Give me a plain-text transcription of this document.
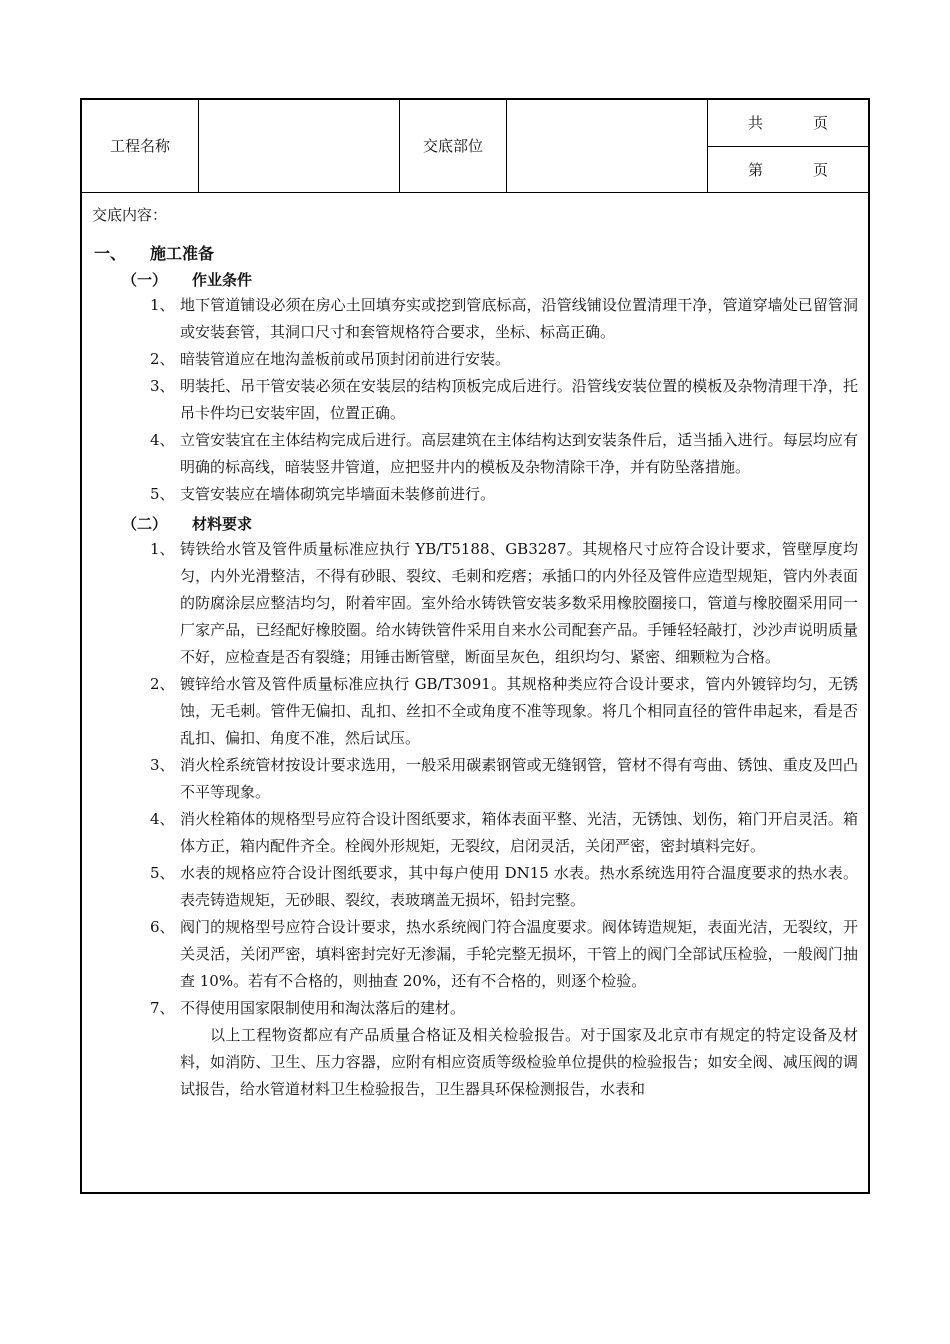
工程名称		交底部位		
共	页

第	页
交底内容：
一、	施工准备
（一）	作业条件
1、 地下管道铺设必须在房心土回填夯实或挖到管底标高，沿管线铺设位置清理干净，管道穿墙处已留管洞或安装套管，其洞口尺寸和套管规格符合要求，坐标、标高正确。
2、 暗装管道应在地沟盖板前或吊顶封闭前进行安装。
3、 明装托、吊干管安装必须在安装层的结构顶板完成后进行。沿管线安装位置的模板及杂物清理干净，托吊卡件均已安装牢固，位置正确。
4、 立管安装宜在主体结构完成后进行。高层建筑在主体结构达到安装条件后，适当插入进行。每层均应有明确的标高线，暗装竖井管道，应把竖井内的模板及杂物清除干净，并有防坠落措施。
5、 支管安装应在墙体砌筑完毕墙面未装修前进行。
（二）	材料要求
1、 铸铁给水管及管件质量标准应执行 YB/T5188、GB3287。其规格尺寸应符合设计要求，管壁厚度均匀，内外光滑整洁，不得有砂眼、裂纹、毛刺和疙瘩；承插口的内外径及管件应造型规矩，管内外表面的防腐涂层应整洁均匀，附着牢固。室外给水铸铁管安装多数采用橡胶圈接口，管道与橡胶圈采用同一厂家产品，已经配好橡胶圈。给水铸铁管件采用自来水公司配套产品。手锤轻轻敲打，沙沙声说明质量不好，应检查是否有裂缝；用锤击断管壁，断面呈灰色，组织均匀、紧密、细颗粒为合格。
2、 镀锌给水管及管件质量标准应执行 GB/T3091。其规格种类应符合设计要求，管内外镀锌均匀，无锈蚀，无毛刺。管件无偏扣、乱扣、丝扣不全或角度不准等现象。将几个相同直径的管件串起来，看是否乱扣、偏扣、角度不准，然后试压。
3、 消火栓系统管材按设计要求选用，一般采用碳素钢管或无缝钢管，管材不得有弯曲、锈蚀、重皮及凹凸不平等现象。
4、 消火栓箱体的规格型号应符合设计图纸要求，箱体表面平整、光洁，无锈蚀、划伤，箱门开启灵活。箱体方正，箱内配件齐全。栓阀外形规矩，无裂纹，启闭灵活，关闭严密，密封填料完好。
5、 水表的规格应符合设计图纸要求，其中每户使用 DN15 水表。热水系统选用符合温度要求的热水表。表壳铸造规矩，无砂眼、裂纹，表玻璃盖无损坏，铅封完整。
6、 阀门的规格型号应符合设计要求，热水系统阀门符合温度要求。阀体铸造规矩，表面光洁，无裂纹，开关灵活，关闭严密，填料密封完好无渗漏，手轮完整无损坏，干管上的阀门全部试压检验，一般阀门抽查 10%。若有不合格的，则抽查 20%，还有不合格的，则逐个检验。
7、 不得使用国家限制使用和淘汰落后的建材。
以上工程物资都应有产品质量合格证及相关检验报告。对于国家及北京市有规定的特定设备及材料，如消防、卫生、压力容器，应附有相应资质等级检验单位提供的检验报告；如安全阀、减压阀的调试报告，给水管道材料卫生检验报告，卫生器具环保检测报告，水表和
